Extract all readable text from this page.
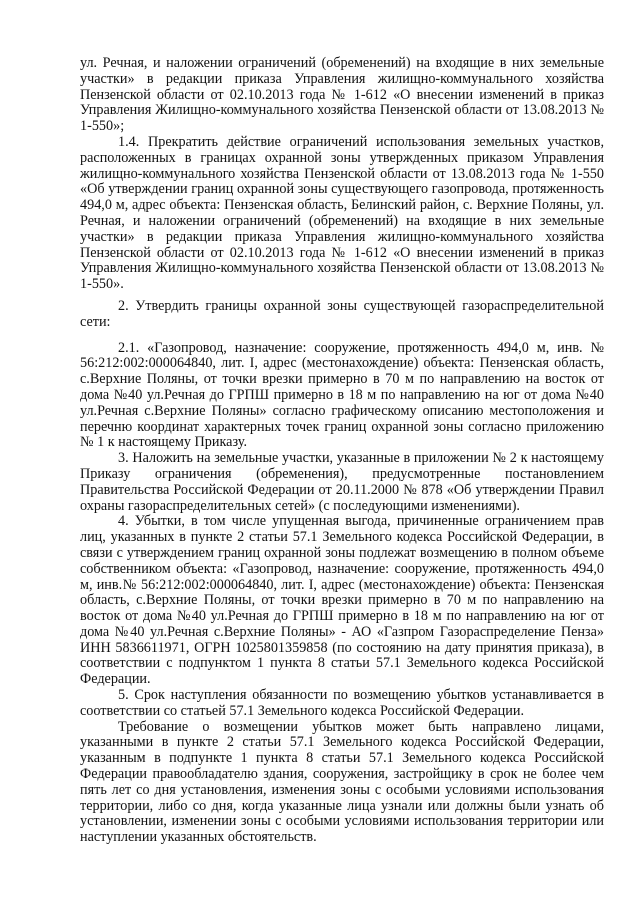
ул. Речная, и наложении ограничений (обременений) на входящие в них земельные участки» в редакции приказа Управления жилищно-коммунального хозяйства Пензенской области от 02.10.2013 года № 1-612 «О внесении изменений в приказ Управления Жилищно-коммунального хозяйства Пензенской области от 13.08.2013 № 1-550»;

1.4. Прекратить действие ограничений использования земельных участков, расположенных в границах охранной зоны утвержденных приказом Управления жилищно-коммунального хозяйства Пензенской области от 13.08.2013 года № 1-550 «Об утверждении границ охранной зоны существующего газопровода, протяженность 494,0 м, адрес объекта: Пензенская область, Белинский район, с. Верхние Поляны, ул. Речная, и наложении ограничений (обременений) на входящие в них земельные участки» в редакции приказа Управления жилищно-коммунального хозяйства Пензенской области от 02.10.2013 года № 1-612 «О внесении изменений в приказ Управления Жилищно-коммунального хозяйства Пензенской области от 13.08.2013 № 1-550».

2. Утвердить границы охранной зоны существующей газораспределительной сети:

2.1. «Газопровод, назначение: сооружение, протяженность 494,0 м, инв. № 56:212:002:000064840, лит. I, адрес (местонахождение) объекта: Пензенская область, с.Верхние Поляны, от точки врезки примерно в 70 м по направлению на восток от дома №40 ул.Речная до ГРПШ примерно в 18 м по направлению на юг от дома №40 ул.Речная с.Верхние Поляны» согласно графическому описанию местоположения и перечню координат характерных точек границ охранной зоны согласно приложению № 1 к настоящему Приказу.

3. Наложить на земельные участки, указанные в приложении № 2 к настоящему Приказу ограничения (обременения), предусмотренные постановлением Правительства Российской Федерации от 20.11.2000 № 878 «Об утверждении Правил охраны газораспределительных сетей» (с последующими изменениями).

4. Убытки, в том числе упущенная выгода, причиненные ограничением прав лиц, указанных в пункте 2 статьи 57.1 Земельного кодекса Российской Федерации, в связи с утверждением границ охранной зоны подлежат возмещению в полном объеме собственником объекта: «Газопровод, назначение: сооружение, протяженность 494,0 м, инв.№ 56:212:002:000064840, лит. I, адрес (местонахождение) объекта: Пензенская область, с.Верхние Поляны, от точки врезки примерно в 70 м по направлению на восток от дома №40 ул.Речная до ГРПШ примерно в 18 м по направлению на юг от дома №40 ул.Речная с.Верхние Поляны» - АО «Газпром Газораспределение Пенза» ИНН 5836611971, ОГРН 1025801359858 (по состоянию на дату принятия приказа), в соответствии с подпунктом 1 пункта 8 статьи 57.1 Земельного кодекса Российской Федерации.

5. Срок наступления обязанности по возмещению убытков устанавливается в соответствии со статьей 57.1 Земельного кодекса Российской Федерации.

Требование о возмещении убытков может быть направлено лицами, указанными в пункте 2 статьи 57.1 Земельного кодекса Российской Федерации, указанным в подпункте 1 пункта 8 статьи 57.1 Земельного кодекса Российской Федерации правообладателю здания, сооружения, застройщику в срок не более чем пять лет со дня установления, изменения зоны с особыми условиями использования территории, либо со дня, когда указанные лица узнали или должны были узнать об установлении, изменении зоны с особыми условиями использования территории или наступлении указанных обстоятельств.
